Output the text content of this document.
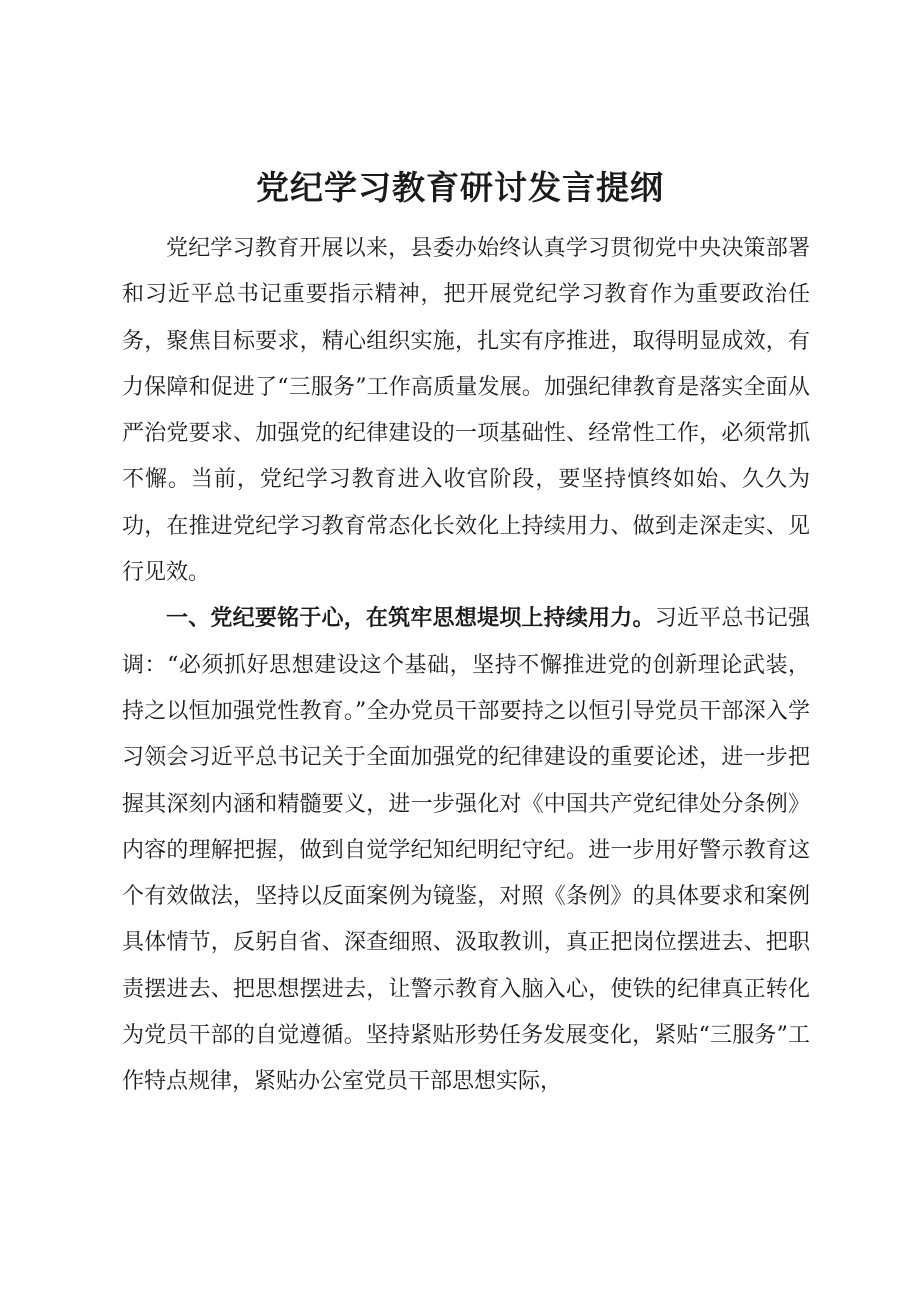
党纪学习教育研讨发言提纲

党纪学习教育开展以来，县委办始终认真学习贯彻党中央决策部署和习近平总书记重要指示精神，把开展党纪学习教育作为重要政治任务，聚焦目标要求，精心组织实施，扎实有序推进，取得明显成效，有力保障和促进了“三服务”工作高质量发展。加强纪律教育是落实全面从严治党要求、加强党的纪律建设的一项基础性、经常性工作，必须常抓不懈。当前，党纪学习教育进入收官阶段，要坚持慎终如始、久久为功，在推进党纪学习教育常态化长效化上持续用力、做到走深走实、见行见效。

一、党纪要铭于心，在筑牢思想堤坝上持续用力。习近平总书记强调：“必须抓好思想建设这个基础，坚持不懈推进党的创新理论武装，持之以恒加强党性教育。”全办党员干部要持之以恒引导党员干部深入学习领会习近平总书记关于全面加强党的纪律建设的重要论述，进一步把握其深刻内涵和精髓要义，进一步强化对《中国共产党纪律处分条例》内容的理解把握，做到自觉学纪知纪明纪守纪。进一步用好警示教育这个有效做法，坚持以反面案例为镜鉴，对照《条例》的具体要求和案例具体情节，反躬自省、深查细照、汲取教训，真正把岗位摆进去、把职责摆进去、把思想摆进去，让警示教育入脑入心，使铁的纪律真正转化为党员干部的自觉遵循。坚持紧贴形势任务发展变化，紧贴“三服务”工作特点规律，紧贴办公室党员干部思想实际，
